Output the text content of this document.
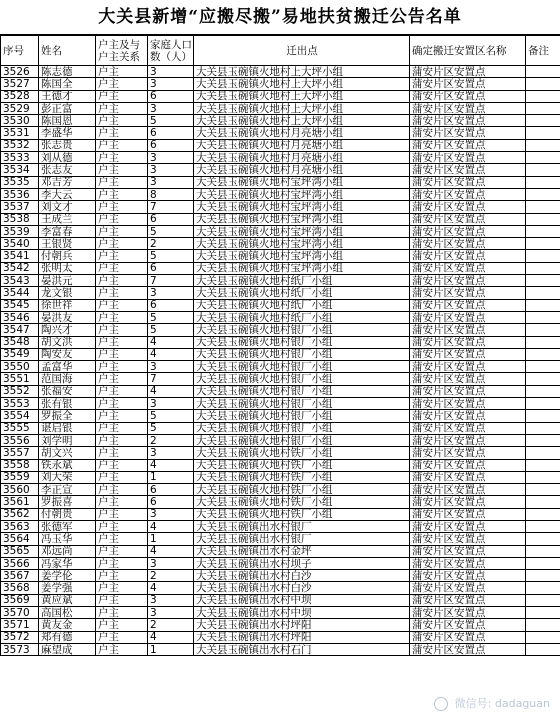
大关县新增“应搬尽搬”易地扶贫搬迁公告名单
序号	姓名	户主及与户主关系	家庭人口数（人）	迁出点	确定搬迁安置区名称	备注
3526	陈志德	户主	3	大关县玉碗镇火地村上大坪小组	蒲安片区安置点	
3527	陈国全	户主	3	大关县玉碗镇火地村上大坪小组	蒲安片区安置点	
3528	王德才	户主	6	大关县玉碗镇火地村上大坪小组	蒲安片区安置点	
3529	彭正富	户主	3	大关县玉碗镇火地村上大坪小组	蒲安片区安置点	
3530	陈国恩	户主	5	大关县玉碗镇火地村上大坪小组	蒲安片区安置点	
3531	李盛华	户主	6	大关县玉碗镇火地村月亮塘小组	蒲安片区安置点	
3532	张志贵	户主	6	大关县玉碗镇火地村月亮塘小组	蒲安片区安置点	
3533	刘从德	户主	3	大关县玉碗镇火地村月亮塘小组	蒲安片区安置点	
3534	张志友	户主	3	大关县玉碗镇火地村月亮塘小组	蒲安片区安置点	
3535	邓吉芳	户主	3	大关县玉碗镇火地村宝坪湾小组	蒲安片区安置点	
3536	李大云	户主	8	大关县玉碗镇火地村宝坪湾小组	蒲安片区安置点	
3537	刘文才	户主	7	大关县玉碗镇火地村宝坪湾小组	蒲安片区安置点	
3538	王成兰	户主	6	大关县玉碗镇火地村宝坪湾小组	蒲安片区安置点	
3539	李富春	户主	5	大关县玉碗镇火地村宝坪湾小组	蒲安片区安置点	
3540	王银贤	户主	2	大关县玉碗镇火地村宝坪湾小组	蒲安片区安置点	
3541	付朝兵	户主	5	大关县玉碗镇火地村宝坪湾小组	蒲安片区安置点	
3542	张明太	户主	6	大关县玉碗镇火地村宝坪湾小组	蒲安片区安置点	
3543	晏洪元	户主	7	大关县玉碗镇火地村纸厂小组	蒲安片区安置点	
3544	龙文银	户主	3	大关县玉碗镇火地村纸厂小组	蒲安片区安置点	
3545	徐世祥	户主	6	大关县玉碗镇火地村纸厂小组	蒲安片区安置点	
3546	晏洪友	户主	5	大关县玉碗镇火地村纸厂小组	蒲安片区安置点	
3547	陶兴才	户主	5	大关县玉碗镇火地村银厂小组	蒲安片区安置点	
3548	胡文洪	户主	4	大关县玉碗镇火地村银厂小组	蒲安片区安置点	
3549	陶安友	户主	4	大关县玉碗镇火地村银厂小组	蒲安片区安置点	
3550	孟富华	户主	3	大关县玉碗镇火地村银厂小组	蒲安片区安置点	
3551	范国海	户主	7	大关县玉碗镇火地村银厂小组	蒲安片区安置点	
3552	张福安	户主	4	大关县玉碗镇火地村银厂小组	蒲安片区安置点	
3553	张有银	户主	3	大关县玉碗镇火地村银厂小组	蒲安片区安置点	
3554	罗振全	户主	5	大关县玉碗镇火地村银厂小组	蒲安片区安置点	
3555	谌启银	户主	5	大关县玉碗镇火地村银厂小组	蒲安片区安置点	
3556	刘学明	户主	2	大关县玉碗镇火地村银厂小组	蒲安片区安置点	
3557	胡文兴	户主	3	大关县玉碗镇火地村铁厂小组	蒲安片区安置点	
3558	铁永斌	户主	4	大关县玉碗镇火地村铁厂小组	蒲安片区安置点	
3559	刘大荣	户主	1	大关县玉碗镇火地村铁厂小组	蒲安片区安置点	
3560	李正宣	户主	6	大关县玉碗镇火地村铁厂小组	蒲安片区安置点	
3561	罗振喜	户主	6	大关县玉碗镇火地村铁厂小组	蒲安片区安置点	
3562	付朝贵	户主	3	大关县玉碗镇火地村铁厂小组	蒲安片区安置点	
3563	张德军	户主	4	大关县玉碗镇出水村银厂	蒲安片区安置点	
3564	冯玉华	户主	1	大关县玉碗镇出水村银厂	蒲安片区安置点	
3565	邓远尚	户主	4	大关县玉碗镇出水村金坪	蒲安片区安置点	
3566	冯家华	户主	3	大关县玉碗镇出水村坝子	蒲安片区安置点	
3567	姜学伦	户主	2	大关县玉碗镇出水村白沙	蒲安片区安置点	
3568	姜学强	户主	4	大关县玉碗镇出水村白沙	蒲安片区安置点	
3569	黄应斌	户主	3	大关县玉碗镇出水村中坝	蒲安片区安置点	
3570	高国松	户主	3	大关县玉碗镇出水村中坝	蒲安片区安置点	
3571	黄友金	户主	2	大关县玉碗镇出水村坪阳	蒲安片区安置点	
3572	郑有德	户主	4	大关县玉碗镇出水村坪阳	蒲安片区安置点	
3573	麻望成	户主	1	大关县玉碗镇出水村石门	蒲安片区安置点	
微信号: dadaguan
